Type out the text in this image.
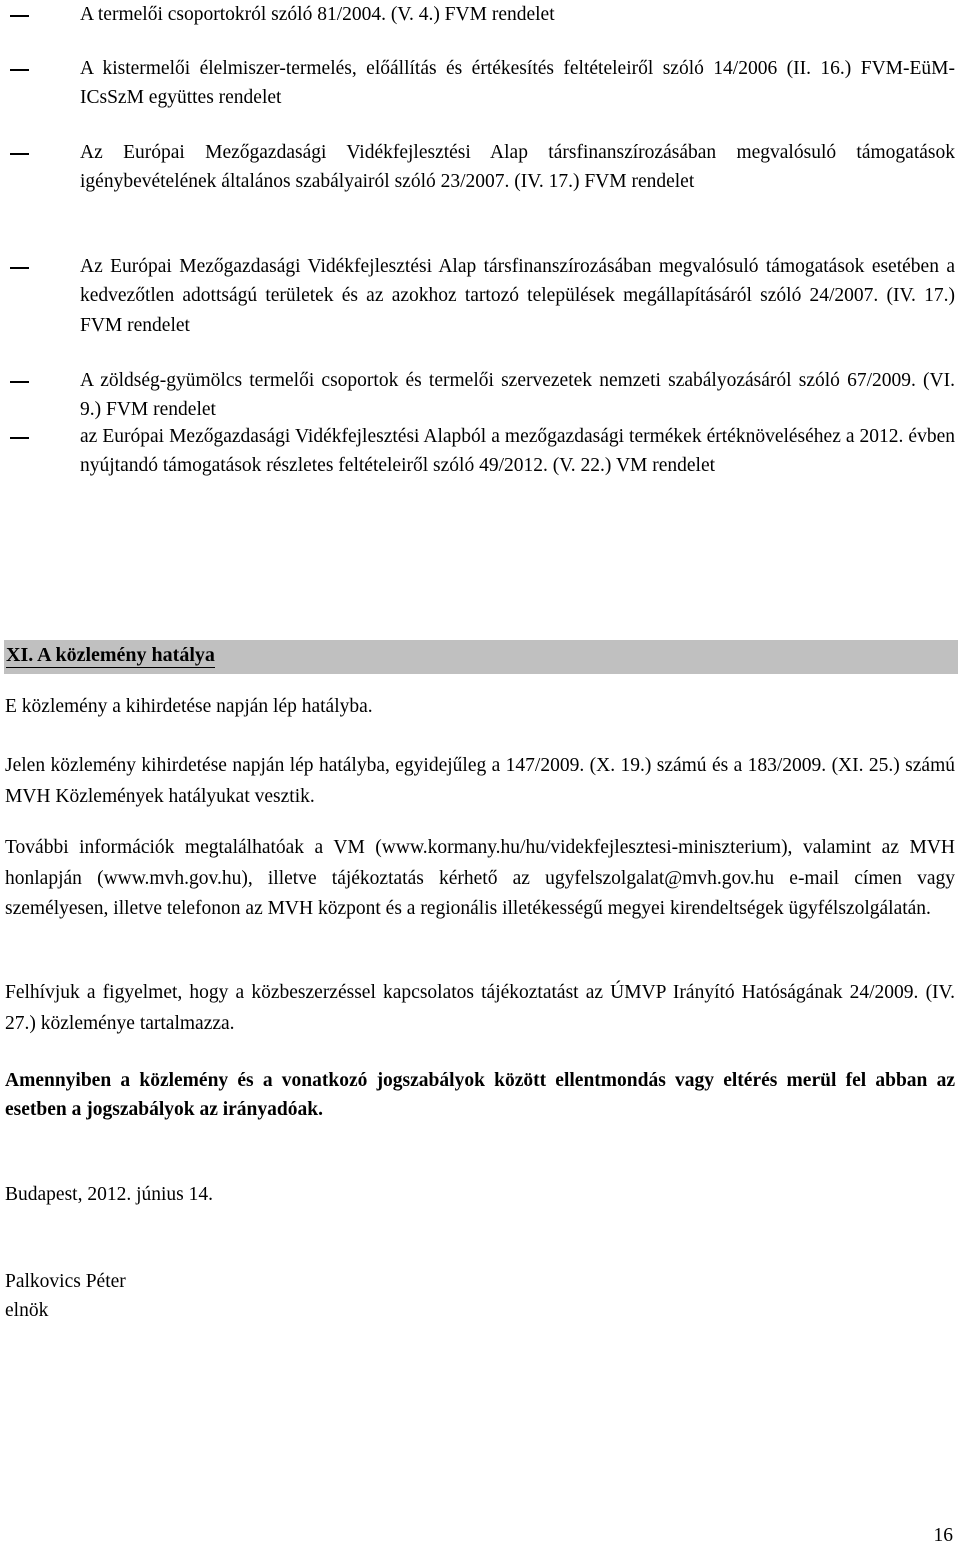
A termelői csoportokról szóló 81/2004. (V. 4.) FVM rendelet
A kistermelői élelmiszer-termelés, előállítás és értékesítés feltételeiről szóló 14/2006 (II. 16.) FVM-EüM-ICsSzM együttes rendelet
Az Európai Mezőgazdasági Vidékfejlesztési Alap társfinanszírozásában megvalósuló támogatások igénybevételének általános szabályairól szóló 23/2007. (IV. 17.) FVM rendelet
Az Európai Mezőgazdasági Vidékfejlesztési Alap társfinanszírozásában megvalósuló támogatások esetében a kedvezőtlen adottságú területek és az azokhoz tartozó települések megállapításáról szóló 24/2007. (IV. 17.) FVM rendelet
A zöldség-gyümölcs termelői csoportok és termelői szervezetek nemzeti szabályozásáról szóló 67/2009. (VI. 9.) FVM rendelet
az Európai Mezőgazdasági Vidékfejlesztési Alapból a mezőgazdasági termékek értéknöveléséhez a 2012. évben nyújtandó támogatások részletes feltételeiről szóló 49/2012. (V. 22.) VM rendelet
XI. A közlemény hatálya
E közlemény a kihirdetése napján lép hatályba.
Jelen közlemény kihirdetése napján lép hatályba, egyidejűleg a 147/2009. (X. 19.) számú és a 183/2009. (XI. 25.) számú MVH Közlemények hatályukat vesztik.
További információk megtalálhatóak a VM (www.kormany.hu/hu/videkfejlesztesi-miniszterium), valamint az MVH honlapján (www.mvh.gov.hu), illetve tájékoztatás kérhető az ugyfelszolgalat@mvh.gov.hu e-mail címen vagy személyesen, illetve telefonon az MVH központ és a regionális illetékességű megyei kirendeltségek ügyfélszolgálatán.
Felhívjuk a figyelmet, hogy a közbeszerzéssel kapcsolatos tájékoztatást az ÚMVP Irányító Hatóságának 24/2009. (IV. 27.) közleménye tartalmazza.
Amennyiben a közlemény és a vonatkozó jogszabályok között ellentmondás vagy eltérés merül fel abban az esetben a jogszabályok az irányadóak.
Budapest, 2012. június 14.
Palkovics Péter
elnök
16
